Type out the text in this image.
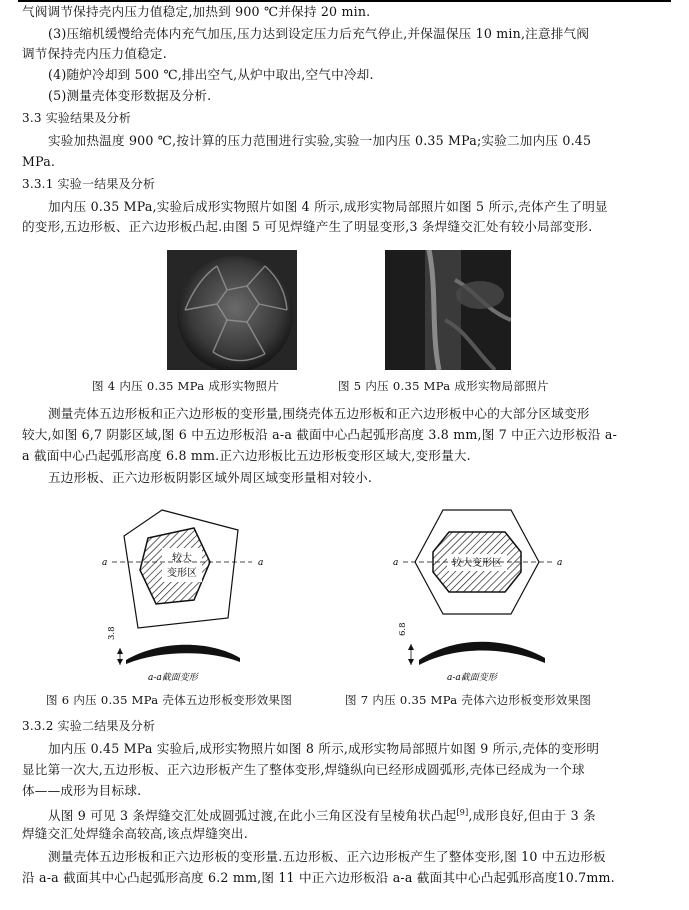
气阀调节保持壳内压力值稳定,加热到 900 ℃并保持 20 min.
(3)压缩机缓慢给壳体内充气加压,压力达到设定压力后充气停止,并保温保压 10 min,注意排气阀
调节保持壳内压力值稳定.
(4)随炉冷却到 500 ℃,排出空气,从炉中取出,空气中冷却.
(5)测量壳体变形数据及分析.
3.3 实验结果及分析
实验加热温度 900 ℃,按计算的压力范围进行实验,实验一加内压 0.35 MPa;实验二加内压 0.45
MPa.
3.3.1 实验一结果及分析
加内压 0.35 MPa,实验后成形实物照片如图 4 所示,成形实物局部照片如图 5 所示,壳体产生了明显
的变形,五边形板、正六边形板凸起.由图 5 可见焊缝产生了明显变形,3 条焊缝交汇处有较小局部变形.
图 4 内压 0.35 MPa 成形实物照片	图 5 内压 0.35 MPa 成形实物局部照片
测量壳体五边形板和正六边形板的变形量,围绕壳体五边形板和正六边形板中心的大部分区域变形
较大,如图 6,7 阴影区域,图 6 中五边形板沿 a-a 截面中心凸起弧形高度 3.8 mm,图 7 中正六边形板沿 a-
a 截面中心凸起弧形高度 6.8 mm.正六边形板比五边形板变形区域大,变形量大.
五边形板、正六边形板阴影区域外周区域变形量相对较小.
较大
变形区
a	a
3.8
a-a截面变形
较大变形区
a	a
6.8
a-a截面变形
图 6 内压 0.35 MPa 壳体五边形板变形效果图	图 7 内压 0.35 MPa 壳体六边形板变形效果图
3.3.2 实验二结果及分析
加内压 0.45 MPa 实验后,成形实物照片如图 8 所示,成形实物局部照片如图 9 所示,壳体的变形明
显比第一次大,五边形板、正六边形板产生了整体变形,焊缝纵向已经形成圆弧形,壳体已经成为一个球
体——成形为目标球.
从图 9 可见 3 条焊缝交汇处成圆弧过渡,在此小三角区没有呈棱角状凸起[9],成形良好,但由于 3 条
焊缝交汇处焊缝余高较高,该点焊缝突出.
测量壳体五边形板和正六边形板的变形量.五边形板、正六边形板产生了整体变形,图 10 中五边形板
沿 a-a 截面其中心凸起弧形高度 6.2 mm,图 11 中正六边形板沿 a-a 截面其中心凸起弧形高度10.7mm.
